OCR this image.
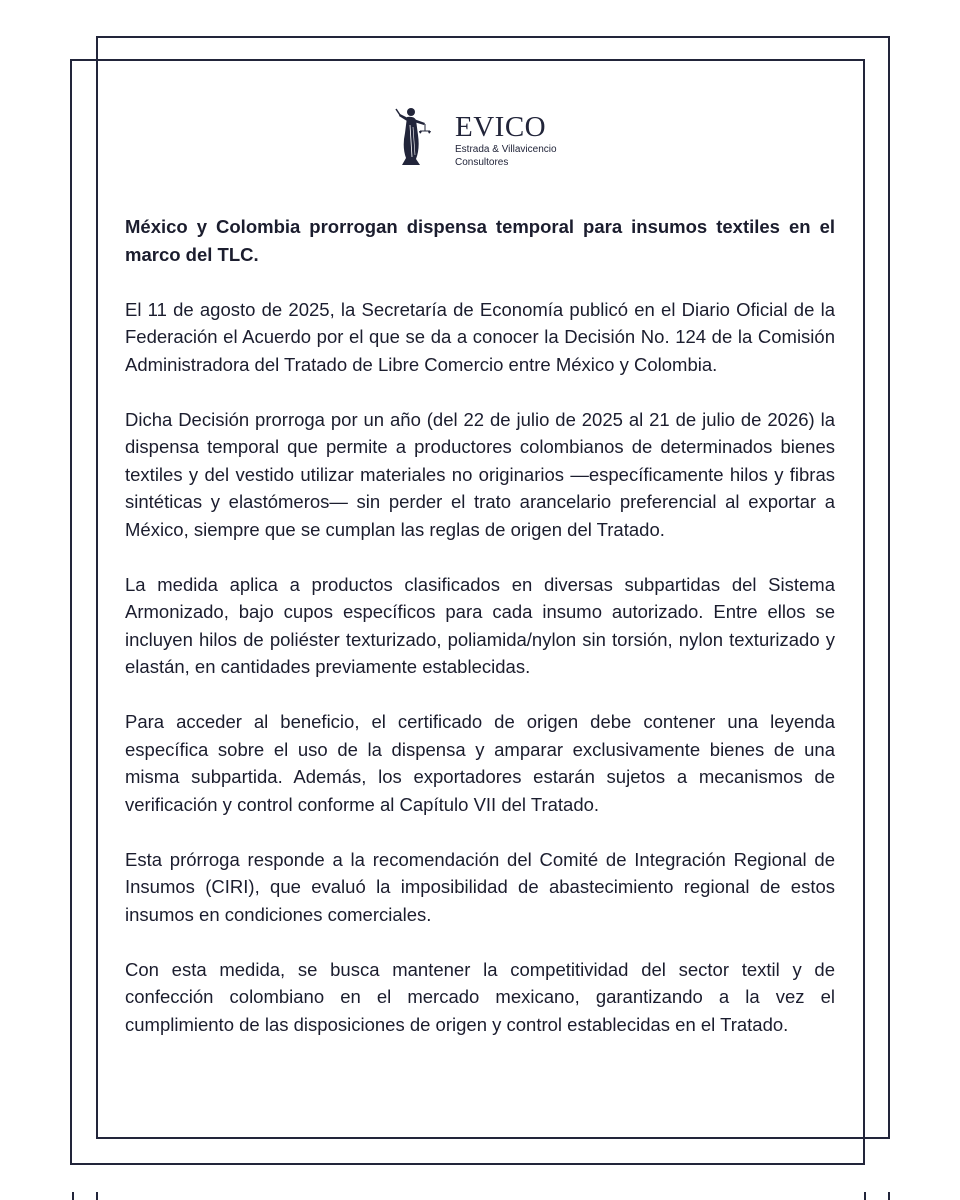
EVICO
Estrada & Villavicencio
Consultores

México y Colombia prorrogan dispensa temporal para insumos textiles en el marco del TLC.

El 11 de agosto de 2025, la Secretaría de Economía publicó en el Diario Oficial de la Federación el Acuerdo por el que se da a conocer la Decisión No. 124 de la Comisión Administradora del Tratado de Libre Comercio entre México y Colombia.

Dicha Decisión prorroga por un año (del 22 de julio de 2025 al 21 de julio de 2026) la dispensa temporal que permite a productores colombianos de determinados bienes textiles y del vestido utilizar materiales no originarios —específicamente hilos y fibras sintéticas y elastómeros— sin perder el trato arancelario preferencial al exportar a México, siempre que se cumplan las reglas de origen del Tratado.

La medida aplica a productos clasificados en diversas subpartidas del Sistema Armonizado, bajo cupos específicos para cada insumo autorizado. Entre ellos se incluyen hilos de poliéster texturizado, poliamida/nylon sin torsión, nylon texturizado y elastán, en cantidades previamente establecidas.

Para acceder al beneficio, el certificado de origen debe contener una leyenda específica sobre el uso de la dispensa y amparar exclusivamente bienes de una misma subpartida. Además, los exportadores estarán sujetos a mecanismos de verificación y control conforme al Capítulo VII del Tratado.

Esta prórroga responde a la recomendación del Comité de Integración Regional de Insumos (CIRI), que evaluó la imposibilidad de abastecimiento regional de estos insumos en condiciones comerciales.

Con esta medida, se busca mantener la competitividad del sector textil y de confección colombiano en el mercado mexicano, garantizando a la vez el cumplimiento de las disposiciones de origen y control establecidas en el Tratado.
